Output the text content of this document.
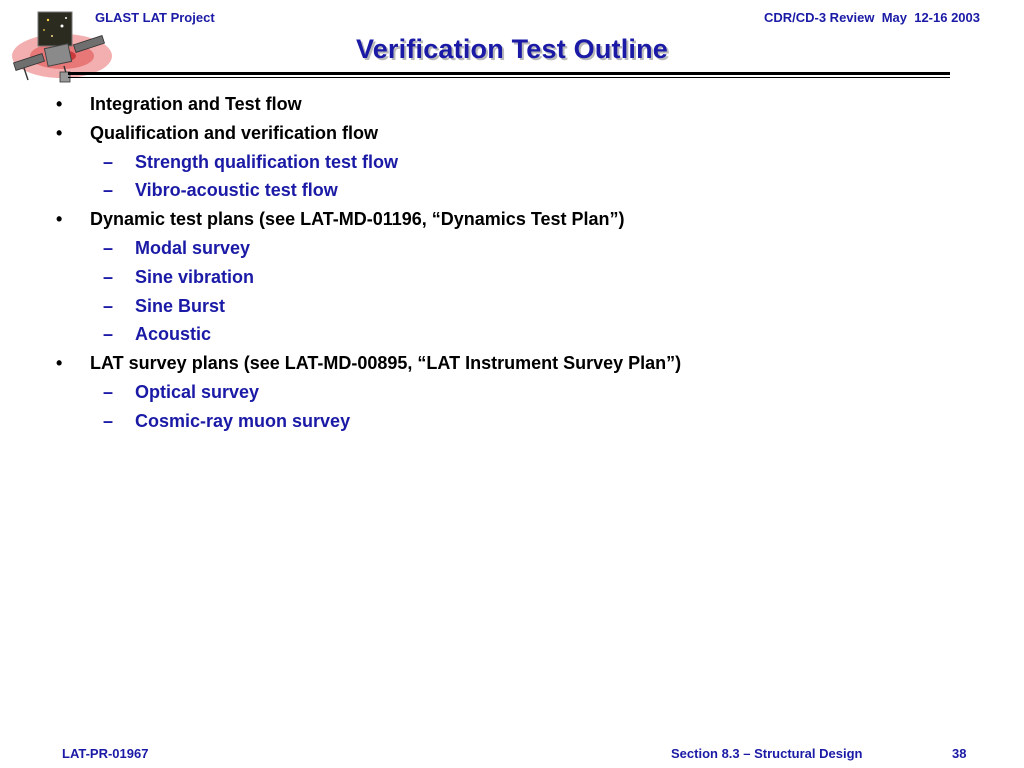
GLAST LAT Project	CDR/CD-3 Review  May  12-16 2003
Verification Test Outline
• Integration and Test flow
• Qualification and verification flow
– Strength qualification test flow
– Vibro-acoustic test flow
• Dynamic test plans (see LAT-MD-01196, “Dynamics Test Plan”)
– Modal survey
– Sine vibration
– Sine Burst
– Acoustic
• LAT survey plans (see LAT-MD-00895, “LAT Instrument Survey Plan”)
– Optical survey
– Cosmic-ray muon survey
LAT-PR-01967	Section 8.3 – Structural Design	38
